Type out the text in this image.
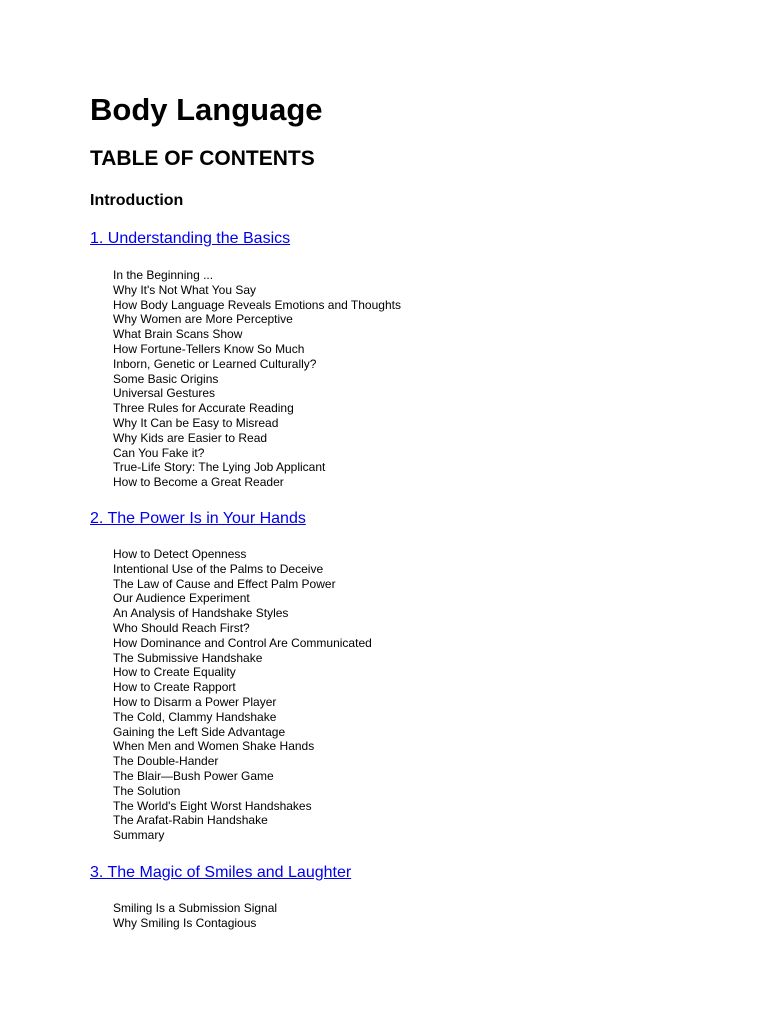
Body Language
TABLE OF CONTENTS
Introduction
1. Understanding the Basics
In the Beginning ...
Why It's Not What You Say
How Body Language Reveals Emotions and Thoughts
Why Women are More Perceptive
What Brain Scans Show
How Fortune-Tellers Know So Much
Inborn, Genetic or Learned Culturally?
Some Basic Origins
Universal Gestures
Three Rules for Accurate Reading
Why It Can be Easy to Misread
Why Kids are Easier to Read
Can You Fake it?
True-Life Story: The Lying Job Applicant
How to Become a Great Reader
2. The Power Is in Your Hands
How to Detect Openness
Intentional Use of the Palms to Deceive
The Law of Cause and Effect Palm Power
Our Audience Experiment
An Analysis of Handshake Styles
Who Should Reach First?
How Dominance and Control Are Communicated
The Submissive Handshake
How to Create Equality
How to Create Rapport
How to Disarm a Power Player
The Cold, Clammy Handshake
Gaining the Left Side Advantage
When Men and Women Shake Hands
The Double-Hander
The Blair—Bush Power Game
The Solution
The World's Eight Worst Handshakes
The Arafat-Rabin Handshake
Summary
3. The Magic of Smiles and Laughter
Smiling Is a Submission Signal
Why Smiling Is Contagious
